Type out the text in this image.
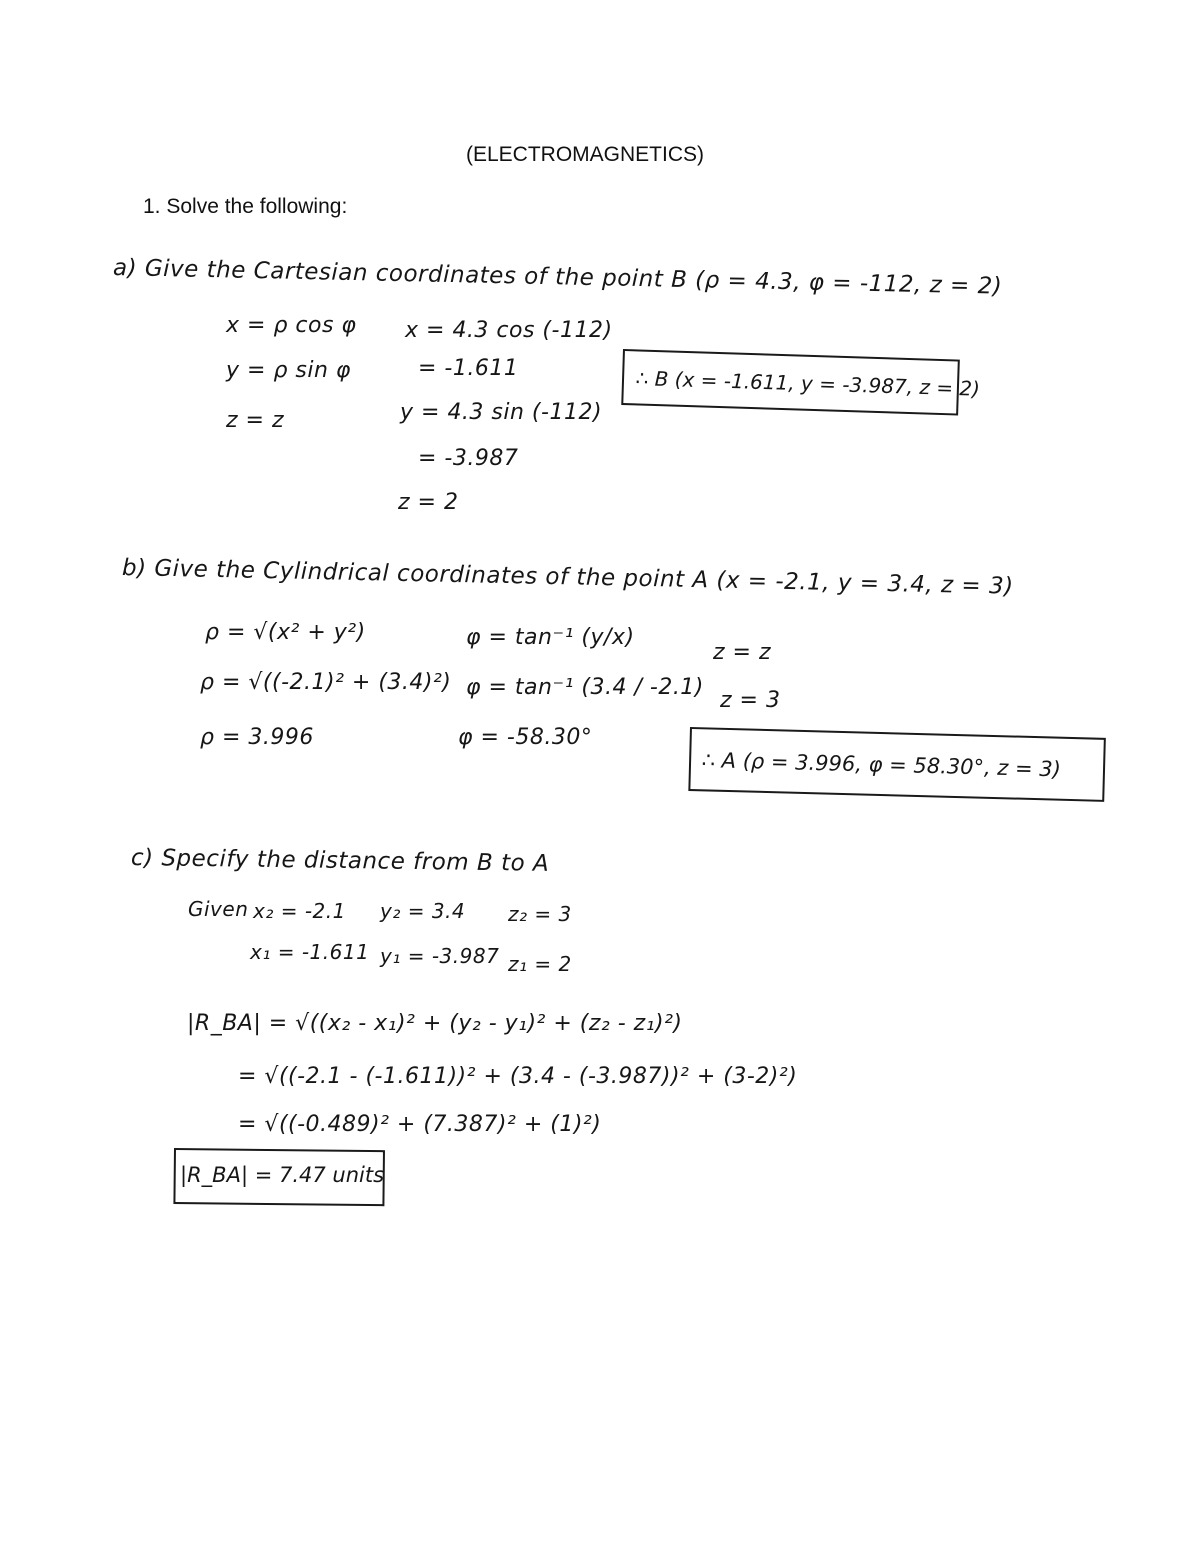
(ELECTROMAGNETICS)
1. Solve the following:
a) Give the Cartesian coordinates of the point B (ρ = 4.3, φ = -112, z = 2)
x = ρ cos φ
y = ρ sin φ
z = z
x = 4.3 cos (-112)
= -1.611
y = 4.3 sin (-112)
= -3.987
z = 2
∴ B (x = -1.611, y = -3.987, z = 2)
b) Give the Cylindrical coordinates of the point A (x = -2.1, y = 3.4, z = 3)
ρ = √(x² + y²)
ρ = √((-2.1)² + (3.4)²)
ρ = 3.996
φ = tan⁻¹ (y/x)
φ = tan⁻¹ (3.4 / -2.1)
φ = -58.30°
z = z
z = 3
∴ A (ρ = 3.996, φ = 58.30°, z = 3)
c) Specify the distance from B to A
Given x₂ = -2.1 y₂ = 3.4 z₂ = 3
x₁ = -1.611 y₁ = -3.987 z₁ = 2
|R_BA| = √((x₂ - x₁)² + (y₂ - y₁)² + (z₂ - z₁)²)
= √((-2.1 - (-1.611))² + (3.4 - (-3.987))² + (3-2)²)
= √((-0.489)² + (7.387)² + (1)²)
|R_BA| = 7.47 units
